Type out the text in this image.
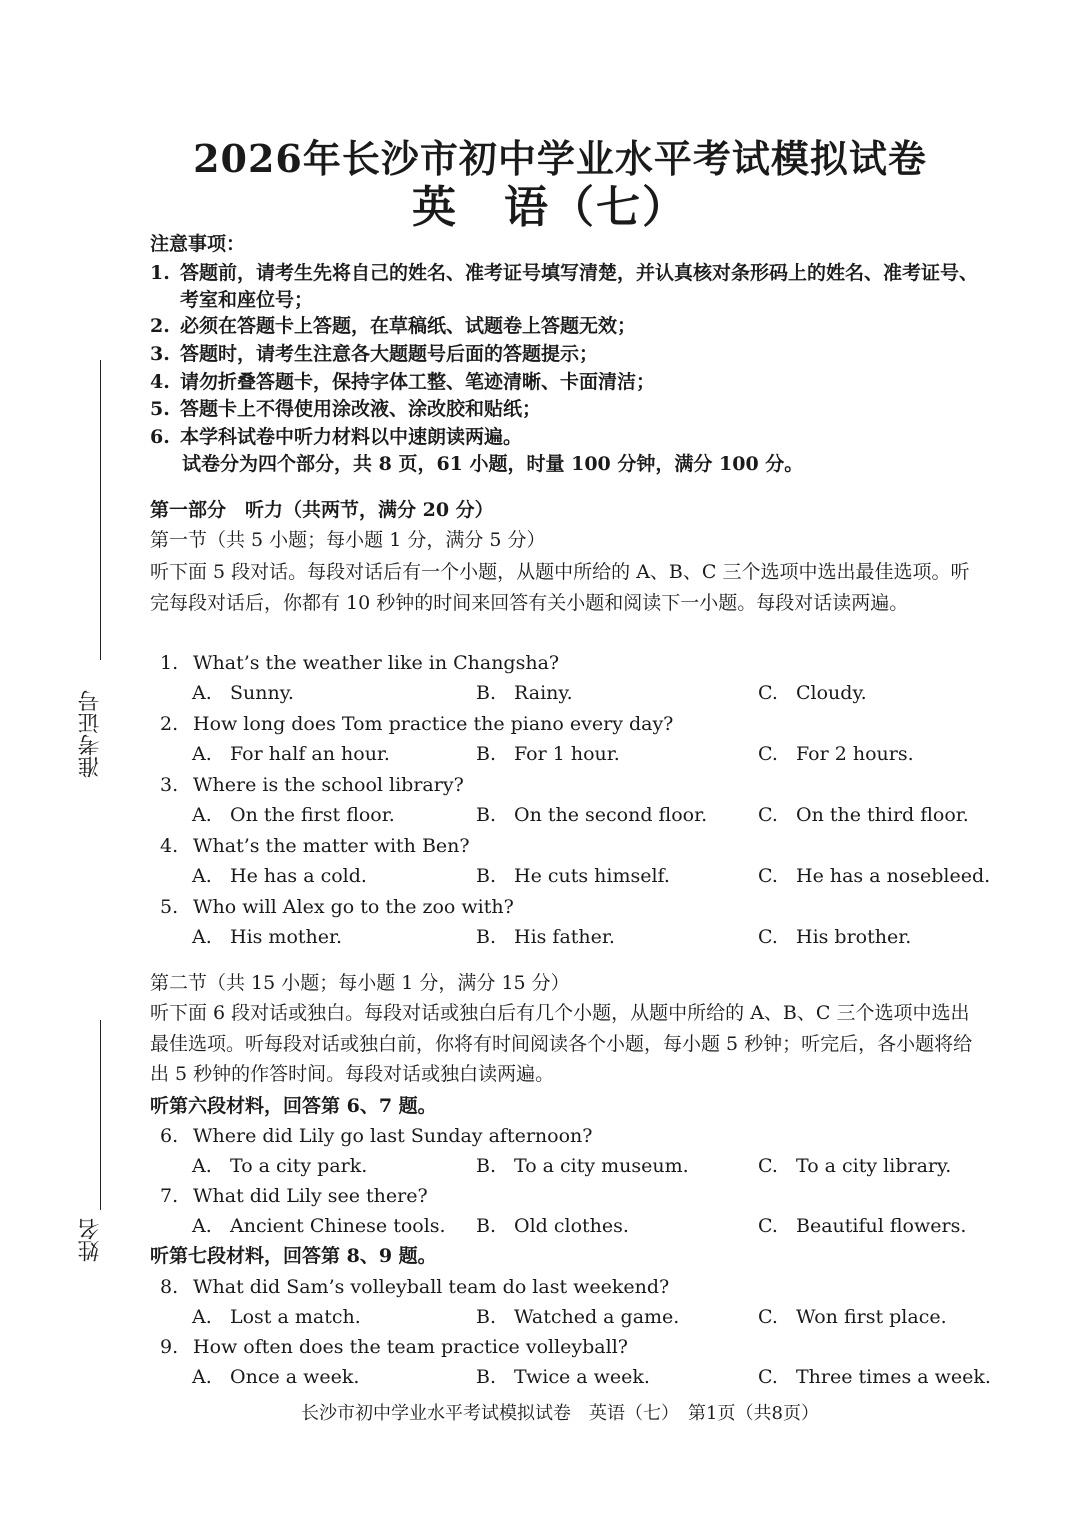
准考证号
姓名
2026年长沙市初中学业水平考试模拟试卷
英　语（七）
注意事项：
1. 答题前，请考生先将自己的姓名、准考证号填写清楚，并认真核对条形码上的姓名、准考证号、考室和座位号；
2. 必须在答题卡上答题，在草稿纸、试题卷上答题无效；
3. 答题时，请考生注意各大题题号后面的答题提示；
4. 请勿折叠答题卡，保持字体工整、笔迹清晰、卡面清洁；
5. 答题卡上不得使用涂改液、涂改胶和贴纸；
6. 本学科试卷中听力材料以中速朗读两遍。
试卷分为四个部分，共 8 页，61 小题，时量 100 分钟，满分 100 分。
第一部分　听力（共两节，满分 20 分）
第一节（共 5 小题；每小题 1 分，满分 5 分）
听下面 5 段对话。每段对话后有一个小题，从题中所给的 A、B、C 三个选项中选出最佳选项。听完每段对话后，你都有 10 秒钟的时间来回答有关小题和阅读下一小题。每段对话读两遍。
1. What’s the weather like in Changsha?
A. Sunny.	B. Rainy.	C. Cloudy.
2. How long does Tom practice the piano every day?
A. For half an hour.	B. For 1 hour.	C. For 2 hours.
3. Where is the school library?
A. On the first floor.	B. On the second floor.	C. On the third floor.
4. What’s the matter with Ben?
A. He has a cold.	B. He cuts himself.	C. He has a nosebleed.
5. Who will Alex go to the zoo with?
A. His mother.	B. His father.	C. His brother.
第二节（共 15 小题；每小题 1 分，满分 15 分）
听下面 6 段对话或独白。每段对话或独白后有几个小题，从题中所给的 A、B、C 三个选项中选出最佳选项。听每段对话或独白前，你将有时间阅读各个小题，每小题 5 秒钟；听完后，各小题将给出 5 秒钟的作答时间。每段对话或独白读两遍。
听第六段材料，回答第 6、7 题。
6. Where did Lily go last Sunday afternoon?
A. To a city park.	B. To a city museum.	C. To a city library.
7. What did Lily see there?
A. Ancient Chinese tools. B. Old clothes.	C. Beautiful flowers.
听第七段材料，回答第 8、9 题。
8. What did Sam’s volleyball team do last weekend?
A. Lost a match.	B. Watched a game.	C. Won first place.
9. How often does the team practice volleyball?
A. Once a week.	B. Twice a week.	C. Three times a week.
长沙市初中学业水平考试模拟试卷　英语（七）　第1页（共8页）
